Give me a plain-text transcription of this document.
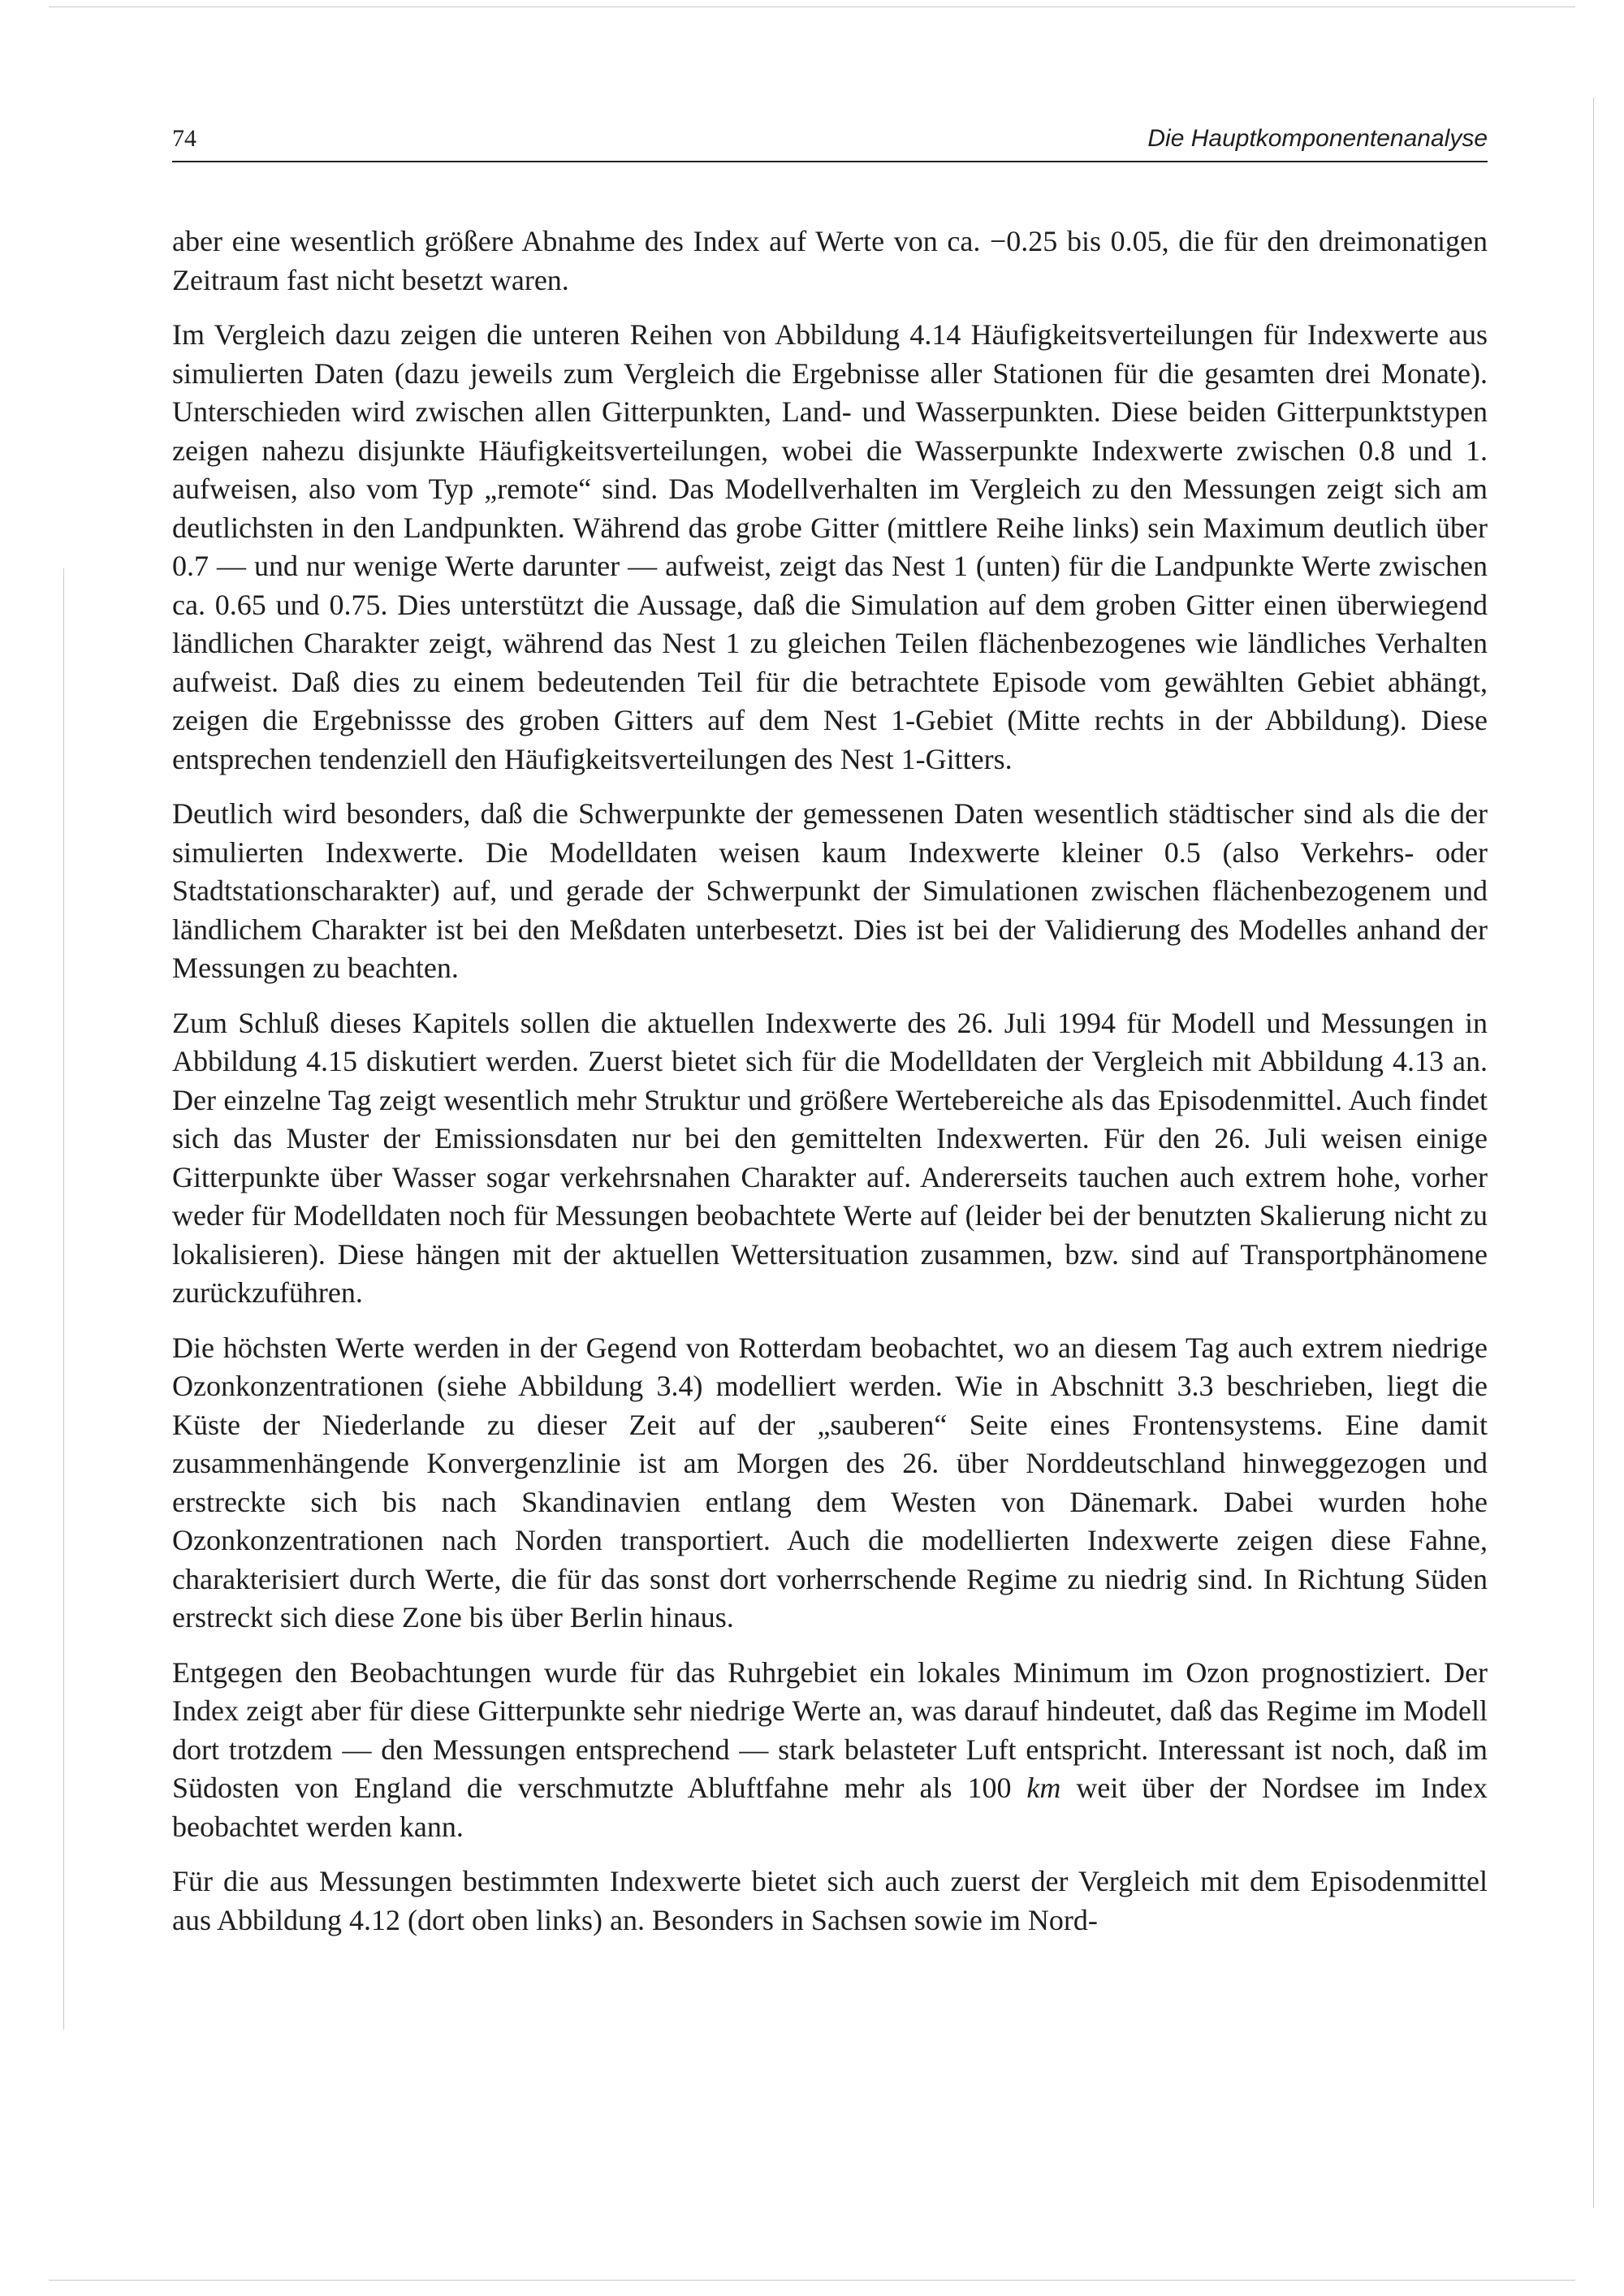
74	Die Hauptkomponentenanalyse

aber eine wesentlich größere Abnahme des Index auf Werte von ca. −0.25 bis 0.05, die für den dreimonatigen Zeitraum fast nicht besetzt waren.

Im Vergleich dazu zeigen die unteren Reihen von Abbildung 4.14 Häufigkeitsverteilungen für Indexwerte aus simulierten Daten (dazu jeweils zum Vergleich die Ergebnisse aller Stationen für die gesamten drei Monate). Unterschieden wird zwischen allen Gitterpunkten, Land- und Wasserpunkten. Diese beiden Gitterpunktstypen zeigen nahezu disjunkte Häufigkeitsverteilungen, wobei die Wasserpunkte Indexwerte zwischen 0.8 und 1. aufweisen, also vom Typ „remote“ sind. Das Modellverhalten im Vergleich zu den Messungen zeigt sich am deutlichsten in den Landpunkten. Während das grobe Gitter (mittlere Reihe links) sein Maximum deutlich über 0.7 — und nur wenige Werte darunter — aufweist, zeigt das Nest 1 (unten) für die Landpunkte Werte zwischen ca. 0.65 und 0.75. Dies unterstützt die Aussage, daß die Simulation auf dem groben Gitter einen überwiegend ländlichen Charakter zeigt, während das Nest 1 zu gleichen Teilen flächenbezogenes wie ländliches Verhalten aufweist. Daß dies zu einem bedeutenden Teil für die betrachtete Episode vom gewählten Gebiet abhängt, zeigen die Ergebnissse des groben Gitters auf dem Nest 1-Gebiet (Mitte rechts in der Abbildung). Diese entsprechen tendenziell den Häufigkeitsverteilungen des Nest 1-Gitters.

Deutlich wird besonders, daß die Schwerpunkte der gemessenen Daten wesentlich städtischer sind als die der simulierten Indexwerte. Die Modelldaten weisen kaum Indexwerte kleiner 0.5 (also Verkehrs- oder Stadtstationscharakter) auf, und gerade der Schwerpunkt der Simulationen zwischen flächenbezogenem und ländlichem Charakter ist bei den Meßdaten unterbesetzt. Dies ist bei der Validierung des Modelles anhand der Messungen zu beachten.

Zum Schluß dieses Kapitels sollen die aktuellen Indexwerte des 26. Juli 1994 für Modell und Messungen in Abbildung 4.15 diskutiert werden. Zuerst bietet sich für die Modelldaten der Vergleich mit Abbildung 4.13 an. Der einzelne Tag zeigt wesentlich mehr Struktur und größere Wertebereiche als das Episodenmittel. Auch findet sich das Muster der Emissionsdaten nur bei den gemittelten Indexwerten. Für den 26. Juli weisen einige Gitterpunkte über Wasser sogar verkehrsnahen Charakter auf. Andererseits tauchen auch extrem hohe, vorher weder für Modelldaten noch für Messungen beobachtete Werte auf (leider bei der benutzten Skalierung nicht zu lokalisieren). Diese hängen mit der aktuellen Wettersituation zusammen, bzw. sind auf Transportphänomene zurückzuführen.

Die höchsten Werte werden in der Gegend von Rotterdam beobachtet, wo an diesem Tag auch extrem niedrige Ozonkonzentrationen (siehe Abbildung 3.4) modelliert werden. Wie in Abschnitt 3.3 beschrieben, liegt die Küste der Niederlande zu dieser Zeit auf der „sauberen“ Seite eines Frontensystems. Eine damit zusammenhängende Konvergenzlinie ist am Morgen des 26. über Norddeutschland hinweggezogen und erstreckte sich bis nach Skandinavien entlang dem Westen von Dänemark. Dabei wurden hohe Ozonkonzentrationen nach Norden transportiert. Auch die modellierten Indexwerte zeigen diese Fahne, charakterisiert durch Werte, die für das sonst dort vorherrschende Regime zu niedrig sind. In Richtung Süden erstreckt sich diese Zone bis über Berlin hinaus.

Entgegen den Beobachtungen wurde für das Ruhrgebiet ein lokales Minimum im Ozon prognostiziert. Der Index zeigt aber für diese Gitterpunkte sehr niedrige Werte an, was darauf hindeutet, daß das Regime im Modell dort trotzdem — den Messungen entsprechend — stark belasteter Luft entspricht. Interessant ist noch, daß im Südosten von England die verschmutzte Abluftfahne mehr als 100 km weit über der Nordsee im Index beobachtet werden kann.

Für die aus Messungen bestimmten Indexwerte bietet sich auch zuerst der Vergleich mit dem Episodenmittel aus Abbildung 4.12 (dort oben links) an. Besonders in Sachsen sowie im Nord-
